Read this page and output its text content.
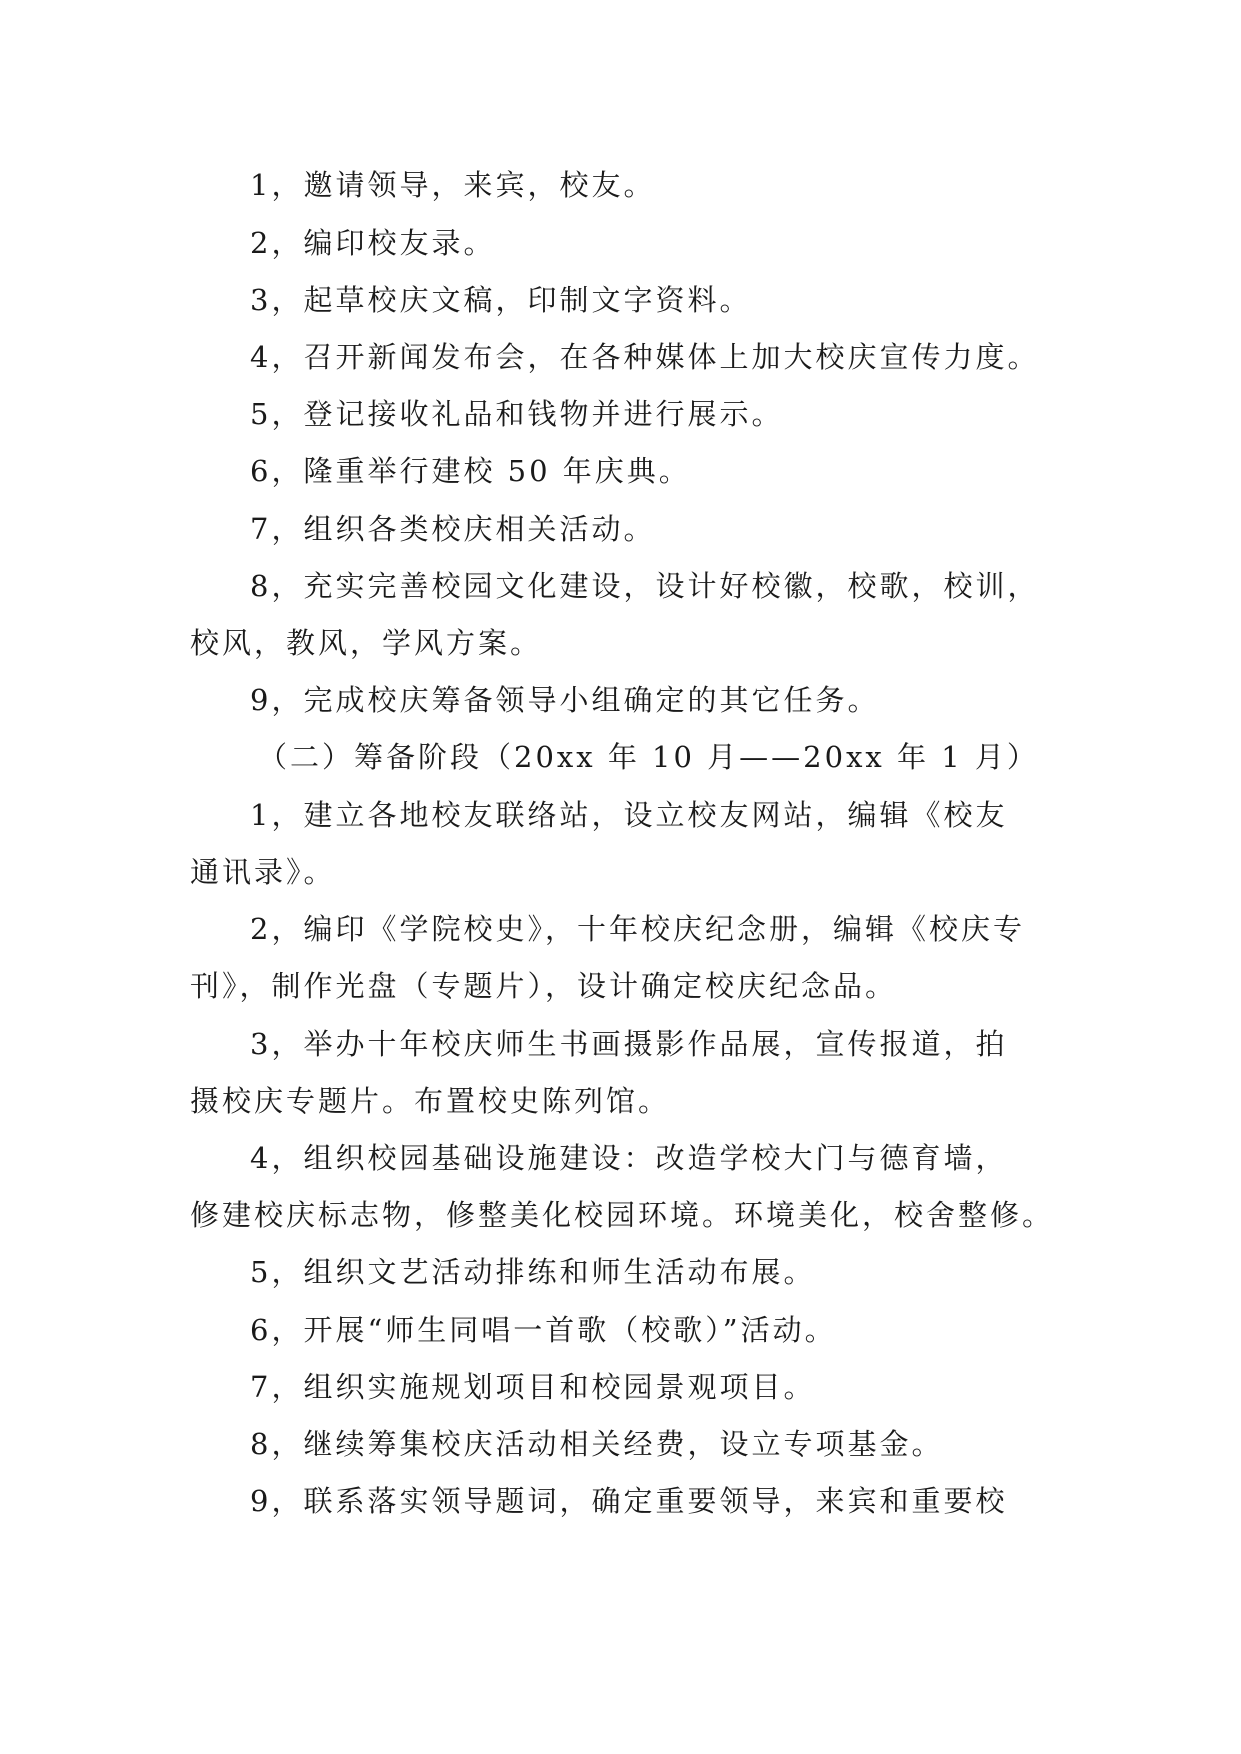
1，邀请领导，来宾，校友。
2，编印校友录。
3，起草校庆文稿，印制文字资料。
4，召开新闻发布会，在各种媒体上加大校庆宣传力度。
5，登记接收礼品和钱物并进行展示。
6，隆重举行建校 50 年庆典。
7，组织各类校庆相关活动。
8，充实完善校园文化建设，设计好校徽，校歌，校训，
校风，教风，学风方案。
9，完成校庆筹备领导小组确定的其它任务。
（二）筹备阶段（20xx 年 10 月——20xx 年 1 月）
1，建立各地校友联络站，设立校友网站，编辑《校友
通讯录》。
2，编印《学院校史》，十年校庆纪念册，编辑《校庆专
刊》，制作光盘（专题片），设计确定校庆纪念品。
3，举办十年校庆师生书画摄影作品展，宣传报道，拍
摄校庆专题片。布置校史陈列馆。
4，组织校园基础设施建设：改造学校大门与德育墙，
修建校庆标志物，修整美化校园环境。环境美化，校舍整修。
5，组织文艺活动排练和师生活动布展。
6，开展“师生同唱一首歌（校歌）”活动。
7，组织实施规划项目和校园景观项目。
8，继续筹集校庆活动相关经费，设立专项基金。
9，联系落实领导题词，确定重要领导，来宾和重要校
